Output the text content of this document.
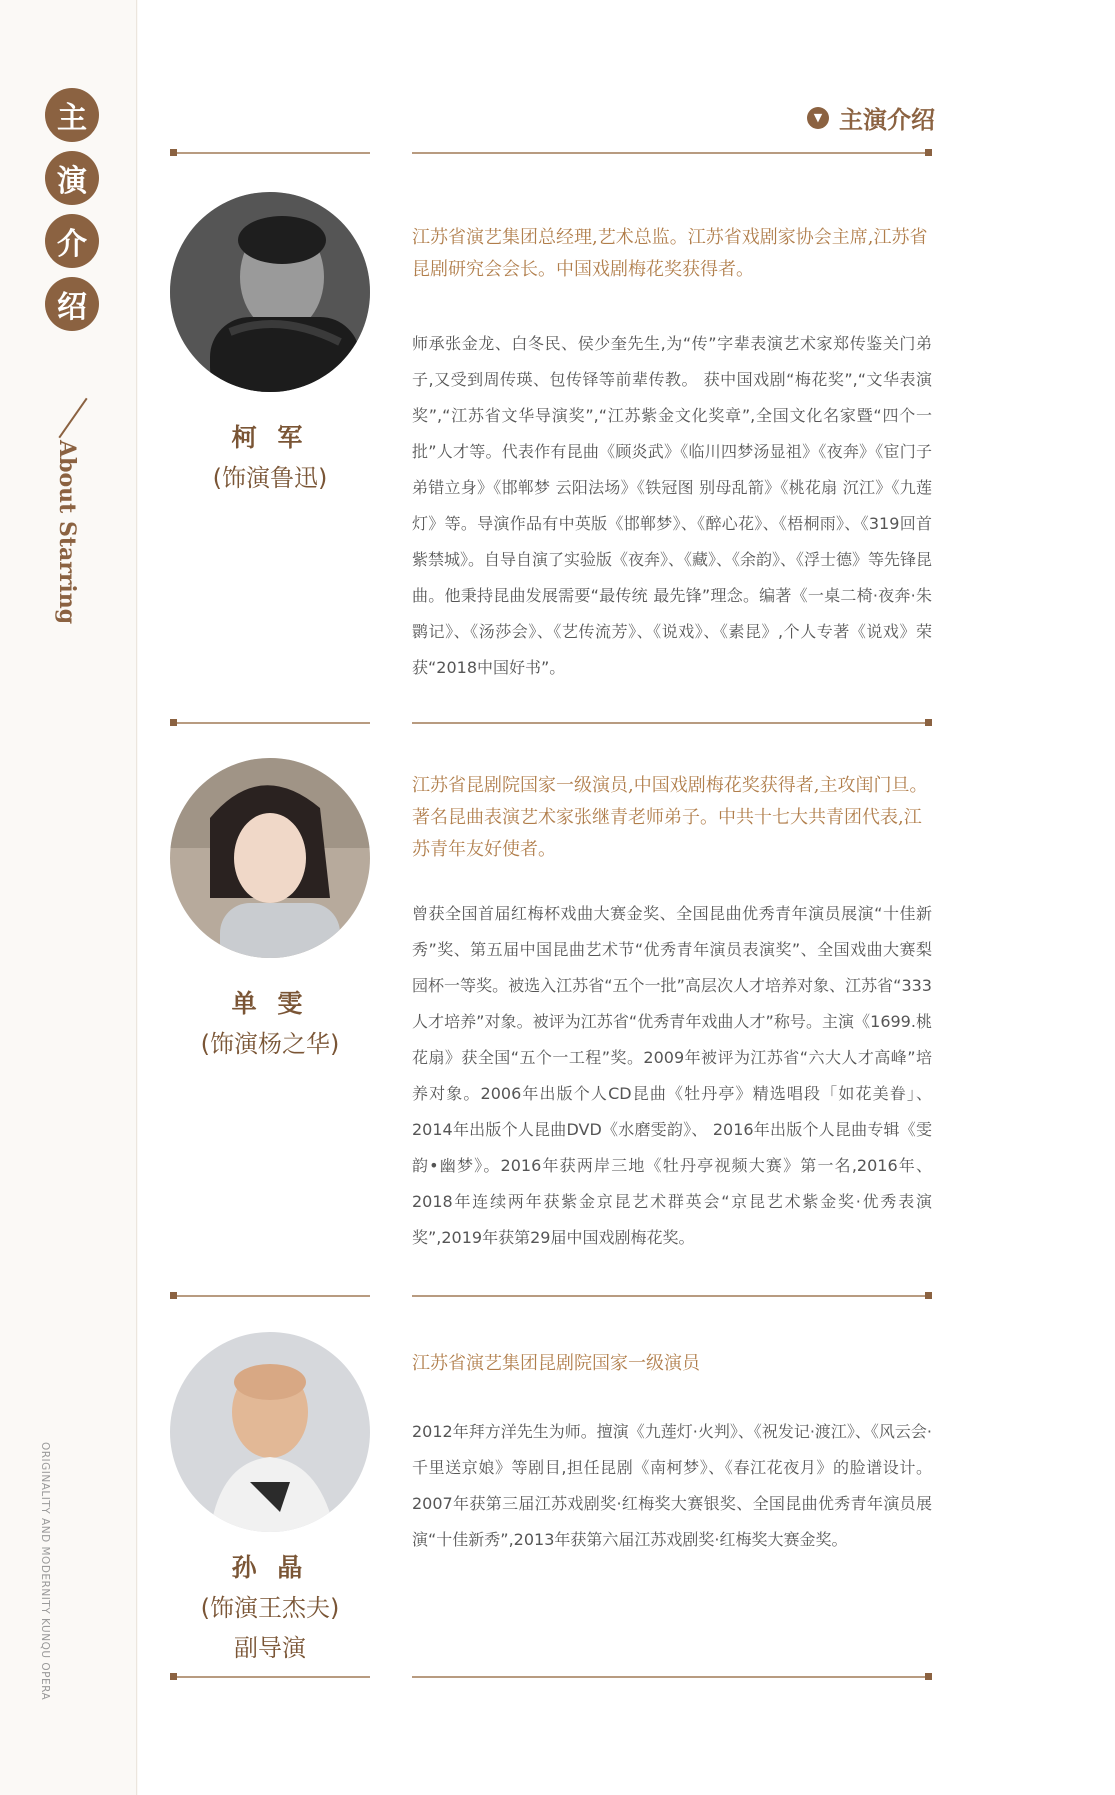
主
演
介
绍
About Starring
ORIGINALITY AND MODERNITY KUNQU OPERA
▼ 主演介绍
柯 军
(饰演鲁迅)
江苏省演艺集团总经理,艺术总监。江苏省戏剧家协会主席,江苏省昆剧研究会会长。中国戏剧梅花奖获得者。
师承张金龙、白冬民、侯少奎先生,为“传”字辈表演艺术家郑传鉴关门弟子,又受到周传瑛、包传铎等前辈传教。 获中国戏剧“梅花奖”,“文华表演奖”,“江苏省文华导演奖”,“江苏紫金文化奖章”,全国文化名家暨“四个一批”人才等。代表作有昆曲《顾炎武》《临川四梦汤显祖》《夜奔》《宦门子弟错立身》《邯郸梦 云阳法场》《铁冠图 别母乱箭》《桃花扇 沉江》《九莲灯》等。导演作品有中英版《邯郸梦》、《醉心花》、《梧桐雨》、《319回首紫禁城》。自导自演了实验版《夜奔》、《藏》、《余韵》、《浮士德》等先锋昆曲。他秉持昆曲发展需要“最传统 最先锋”理念。编著《一桌二椅·夜奔·朱鹮记》、《汤莎会》、《艺传流芳》、《说戏》、《素昆》,个人专著《说戏》荣获“2018中国好书”。
单 雯
(饰演杨之华)
江苏省昆剧院国家一级演员,中国戏剧梅花奖获得者,主攻闺门旦。著名昆曲表演艺术家张继青老师弟子。中共十七大共青团代表,江苏青年友好使者。
曾获全国首届红梅杯戏曲大赛金奖、全国昆曲优秀青年演员展演“十佳新秀”奖、第五届中国昆曲艺术节“优秀青年演员表演奖”、全国戏曲大赛梨园杯一等奖。被选入江苏省“五个一批”高层次人才培养对象、江苏省“333人才培养”对象。被评为江苏省“优秀青年戏曲人才”称号。主演《1699.桃花扇》获全国“五个一工程”奖。2009年被评为江苏省“六大人才高峰”培养对象。2006年出版个人CD昆曲《牡丹亭》精选唱段「如花美眷」、2014年出版个人昆曲DVD《水磨雯韵》、 2016年出版个人昆曲专辑《雯韵•幽梦》。2016年获两岸三地《牡丹亭视频大赛》第一名,2016年、2018年连续两年获紫金京昆艺术群英会“京昆艺术紫金奖·优秀表演奖”,2019年获第29届中国戏剧梅花奖。
孙 晶
(饰演王杰夫)
副导演
江苏省演艺集团昆剧院国家一级演员
2012年拜方洋先生为师。擅演《九莲灯·火判》、《祝发记·渡江》、《风云会·千里送京娘》等剧目,担任昆剧《南柯梦》、《春江花夜月》的脸谱设计。2007年获第三届江苏戏剧奖·红梅奖大赛银奖、全国昆曲优秀青年演员展演“十佳新秀”,2013年获第六届江苏戏剧奖·红梅奖大赛金奖。
